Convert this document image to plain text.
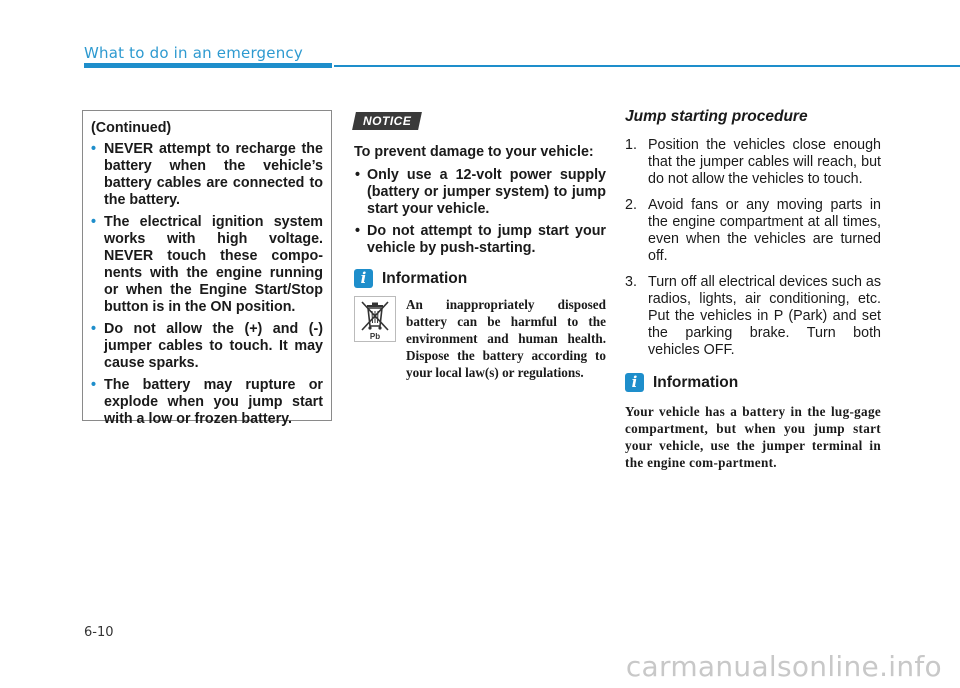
What to do in an emergency
(Continued)
• NEVER attempt to recharge the battery when the vehicle’s battery cables are connected to the battery.
• The electrical ignition system works with high voltage. NEVER touch these compo-nents with the engine running or when the Engine Start/Stop button is in the ON position.
• Do not allow the (+) and (-) jumper cables to touch. It may cause sparks.
• The battery may rupture or explode when you jump start with a low or frozen battery.
NOTICE
To prevent damage to your vehicle:
• Only use a 12-volt power supply (battery or jumper system) to jump start your vehicle.
• Do not attempt to jump start your vehicle by push-starting.
i	Information
Pb
An inappropriately disposed battery can be harmful to the environment and human health. Dispose the battery according to your local law(s) or regulations.
Jump starting procedure
1. Position the vehicles close enough that the jumper cables will reach, but do not allow the vehicles to touch.
2. Avoid fans or any moving parts in the engine compartment at all times, even when the vehicles are turned off.
3. Turn off all electrical devices such as radios, lights, air conditioning, etc. Put the vehicles in P (Park) and set the parking brake. Turn both vehicles OFF.
i	Information
Your vehicle has a battery in the lug-gage compartment, but when you jump start your vehicle, use the jumper terminal in the engine com-partment.
6-10
carmanualsonline.info
